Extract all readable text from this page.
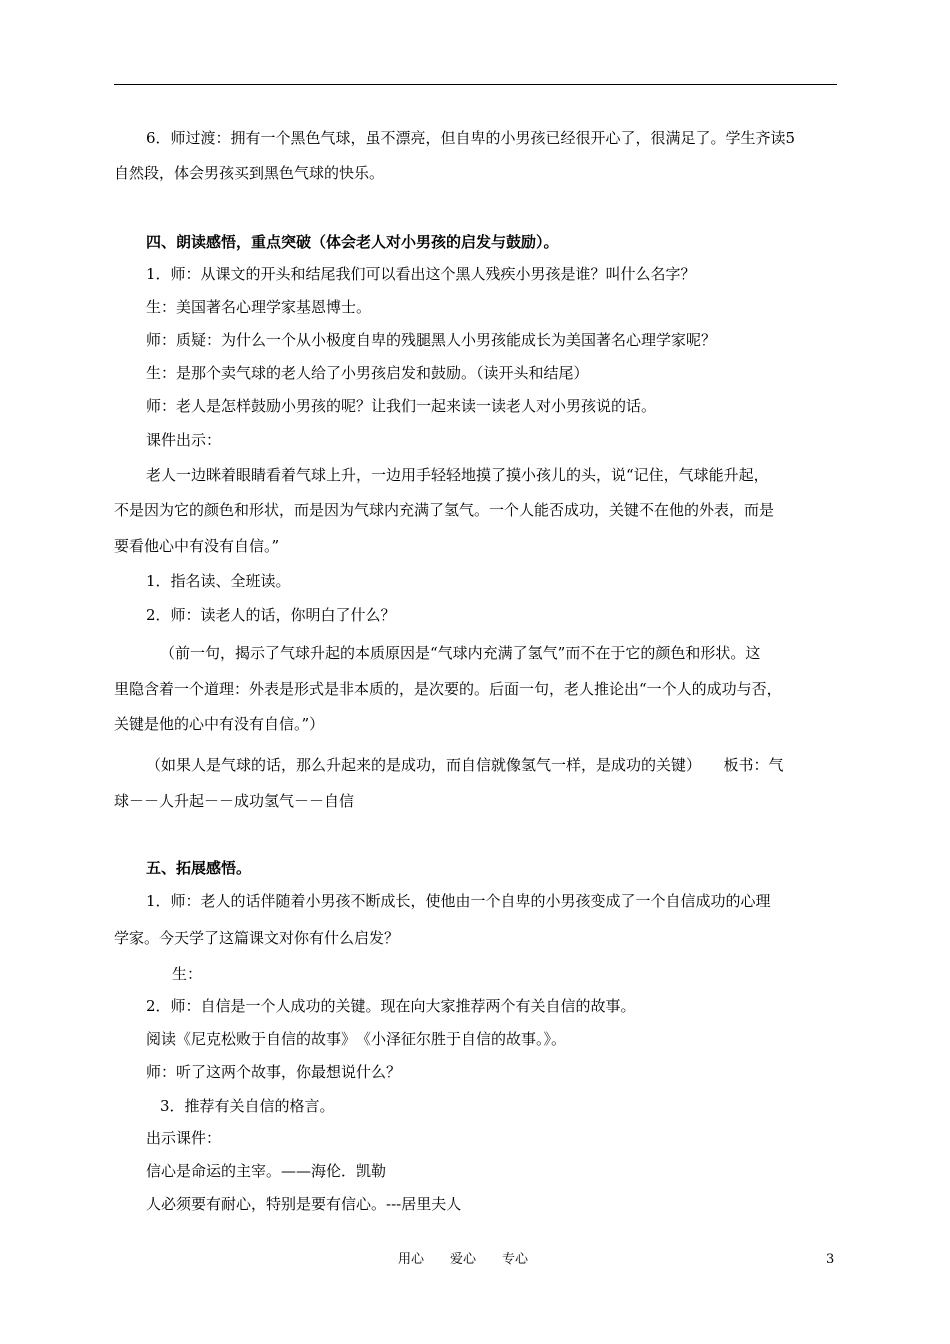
6．师过渡：拥有一个黑色气球，虽不漂亮，但自卑的小男孩已经很开心了，很满足了。学生齐读5
自然段，体会男孩买到黑色气球的快乐。
四、朗读感悟，重点突破（体会老人对小男孩的启发与鼓励）。
1．师：从课文的开头和结尾我们可以看出这个黑人残疾小男孩是谁？叫什么名字？
生：美国著名心理学家基恩博士。
师：质疑：为什么一个从小极度自卑的残腿黑人小男孩能成长为美国著名心理学家呢？
生：是那个卖气球的老人给了小男孩启发和鼓励。（读开头和结尾）
师：老人是怎样鼓励小男孩的呢？让我们一起来读一读老人对小男孩说的话。
课件出示：
老人一边眯着眼睛看着气球上升，一边用手轻轻地摸了摸小孩儿的头，说“记住，气球能升起，
不是因为它的颜色和形状，而是因为气球内充满了氢气。一个人能否成功，关键不在他的外表，而是
要看他心中有没有自信。”
1．指名读、全班读。
2．师：读老人的话，你明白了什么？
（前一句，揭示了气球升起的本质原因是“气球内充满了氢气”而不在于它的颜色和形状。这
里隐含着一个道理：外表是形式是非本质的，是次要的。后面一句，老人推论出“一个人的成功与否，
关键是他的心中有没有自信。”）
（如果人是气球的话，那么升起来的是成功，而自信就像氢气一样，是成功的关键）　　板书：气
球－－人升起－－成功氢气－－自信
五、拓展感悟。
1．师：老人的话伴随着小男孩不断成长，使他由一个自卑的小男孩变成了一个自信成功的心理
学家。今天学了这篇课文对你有什么启发？
生：
2．师：自信是一个人成功的关键。现在向大家推荐两个有关自信的故事。
阅读《尼克松败于自信的故事》　《小泽征尔胜于自信的故事。》。
师：听了这两个故事，你最想说什么？
3．推荐有关自信的格言。
出示课件：
信心是命运的主宰。——海伦．凯勒
人必须要有耐心，特别是要有信心。---居里夫人
用心　　爱心　　专心	3
